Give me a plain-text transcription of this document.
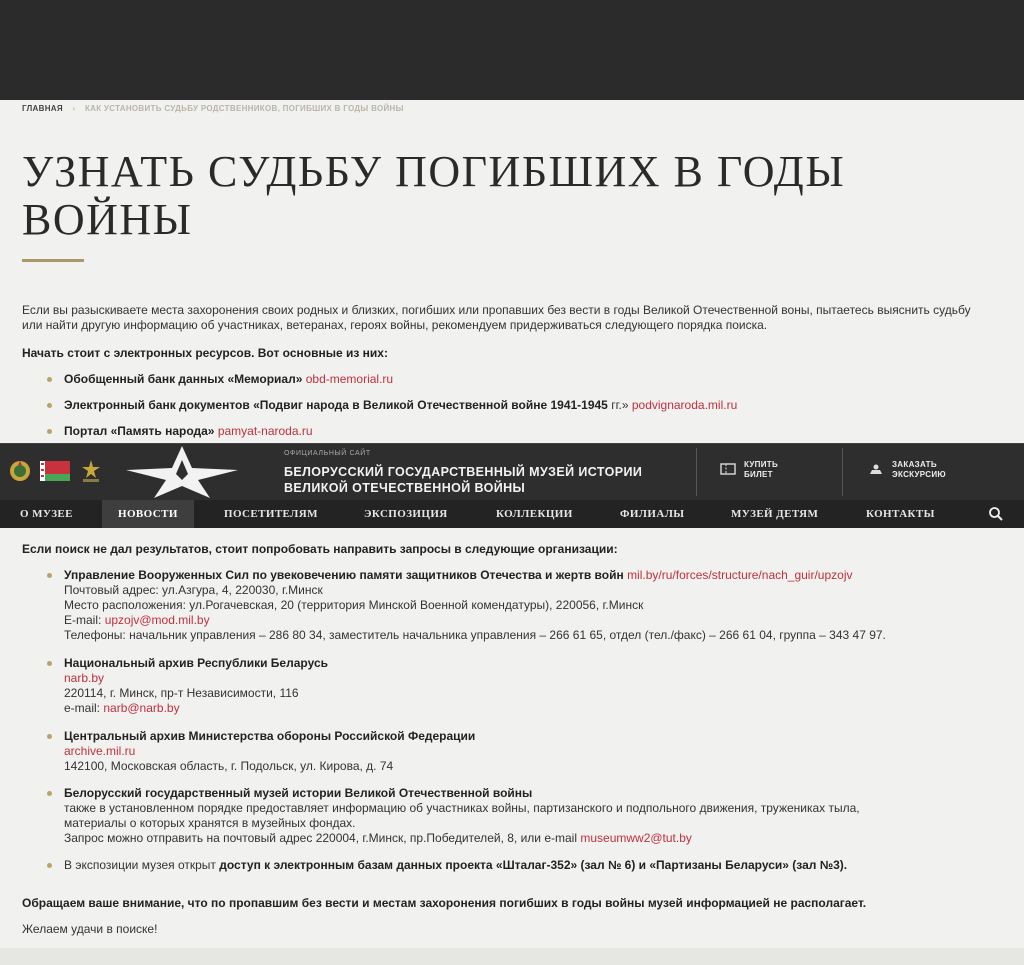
ГЛАВНАЯ › КАК УСТАНОВИТЬ СУДЬБУ РОДСТВЕННИКОВ, ПОГИБШИХ В ГОДЫ ВОЙНЫ
УЗНАТЬ СУДЬБУ ПОГИБШИХ В ГОДЫ ВОЙНЫ

Если вы разыскиваете места захоронения своих родных и близких, погибших или пропавших без вести в годы Великой Отечественной воны, пытаетесь выяснить судьбу или найти другую информацию об участниках, ветеранах, героях войны, рекомендуем придерживаться следующего порядка поиска.

Начать стоит с электронных ресурсов. Вот основные из них:

Обобщенный банк данных «Мемориал» obd-memorial.ru
Электронный банк документов «Подвиг народа в Великой Отечественной войне 1941-1945 гг.» podvignaroda.mil.ru
Портал «Память народа» pamyat-naroda.ru

Если поиск не дал результатов, стоит попробовать направить запросы в следующие организации:

Управление Вооруженных Сил по увековечению памяти защитников Отечества и жертв войн mil.by/ru/forces/structure/nach_guir/upzojv
Почтовый адрес: ул.Азгура, 4, 220030, г.Минск
Место расположения: ул.Рогачевская, 20 (территория Минской Военной комендатуры), 220056, г.Минск
E-mail: upzojv@mod.mil.by
Телефоны: начальник управления – 286 80 34, заместитель начальника управления – 266 61 65, отдел (тел./факс) – 266 61 04, группа – 343 47 97.
Национальный архив Республики Беларусь
narb.by
220114, г. Минск, пр-т Независимости, 116
e-mail: narb@narb.by
Центральный архив Министерства обороны Российской Федерации
archive.mil.ru
142100, Московская область, г. Подольск, ул. Кирова, д. 74
Белорусский государственный музей истории Великой Отечественной войны
также в установленном порядке предоставляет информацию об участниках войны, партизанского и подпольного движения, тружениках тыла,
материалы о которых хранятся в музейных фондах.
Запрос можно отправить на почтовый адрес 220004, г.Минск, пр.Победителей, 8, или e-mail museumww2@tut.by
В экспозиции музея открыт доступ к электронным базам данных проекта «Шталаг-352» (зал № 6) и «Партизаны Беларуси» (зал №3).

Обращаем ваше внимание, что по пропавшим без вести и местам захоронения погибших в годы войны музей информацией не располагает.

Желаем удачи в поиске!

ОФИЦИАЛЬНЫЙ САЙТ
БЕЛОРУССКИЙ ГОСУДАРСТВЕННЫЙ МУЗЕЙ ИСТОРИИ
ВЕЛИКОЙ ОТЕЧЕСТВЕННОЙ ВОЙНЫ
КУПИТЬ
БИЛЕТ
ЗАКАЗАТЬ
ЭКСКУРСИЮ
О МУЗЕЕ	НОВОСТИ	ПОСЕТИТЕЛЯМ	ЭКСПОЗИЦИЯ	КОЛЛЕКЦИИ	ФИЛИАЛЫ	МУЗЕЙ ДЕТЯМ	КОНТАКТЫ
